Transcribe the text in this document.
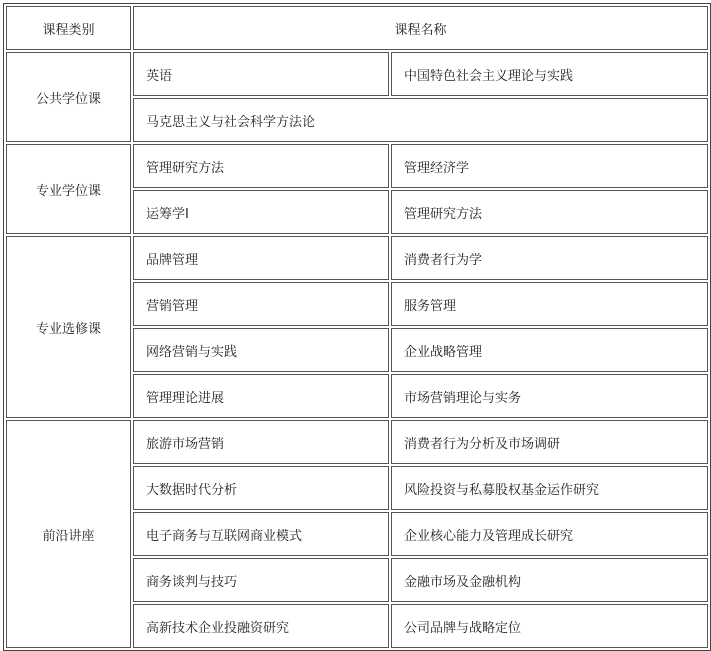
课程类别	课程名称	
公共学位课	英语	中国特色社会主义理论与实践
	马克思主义与社会科学方法论	
专业学位课	管理研究方法	管理经济学
	运筹学I	管理研究方法
专业选修课	品牌管理	消费者行为学
	营销管理	服务管理
	网络营销与实践	企业战略管理
	管理理论进展	市场营销理论与实务
前沿讲座	旅游市场营销	消费者行为分析及市场调研
	大数据时代分析	风险投资与私募股权基金运作研究
	电子商务与互联网商业模式	企业核心能力及管理成长研究
	商务谈判与技巧	金融市场及金融机构
	高新技术企业投融资研究	公司品牌与战略定位
